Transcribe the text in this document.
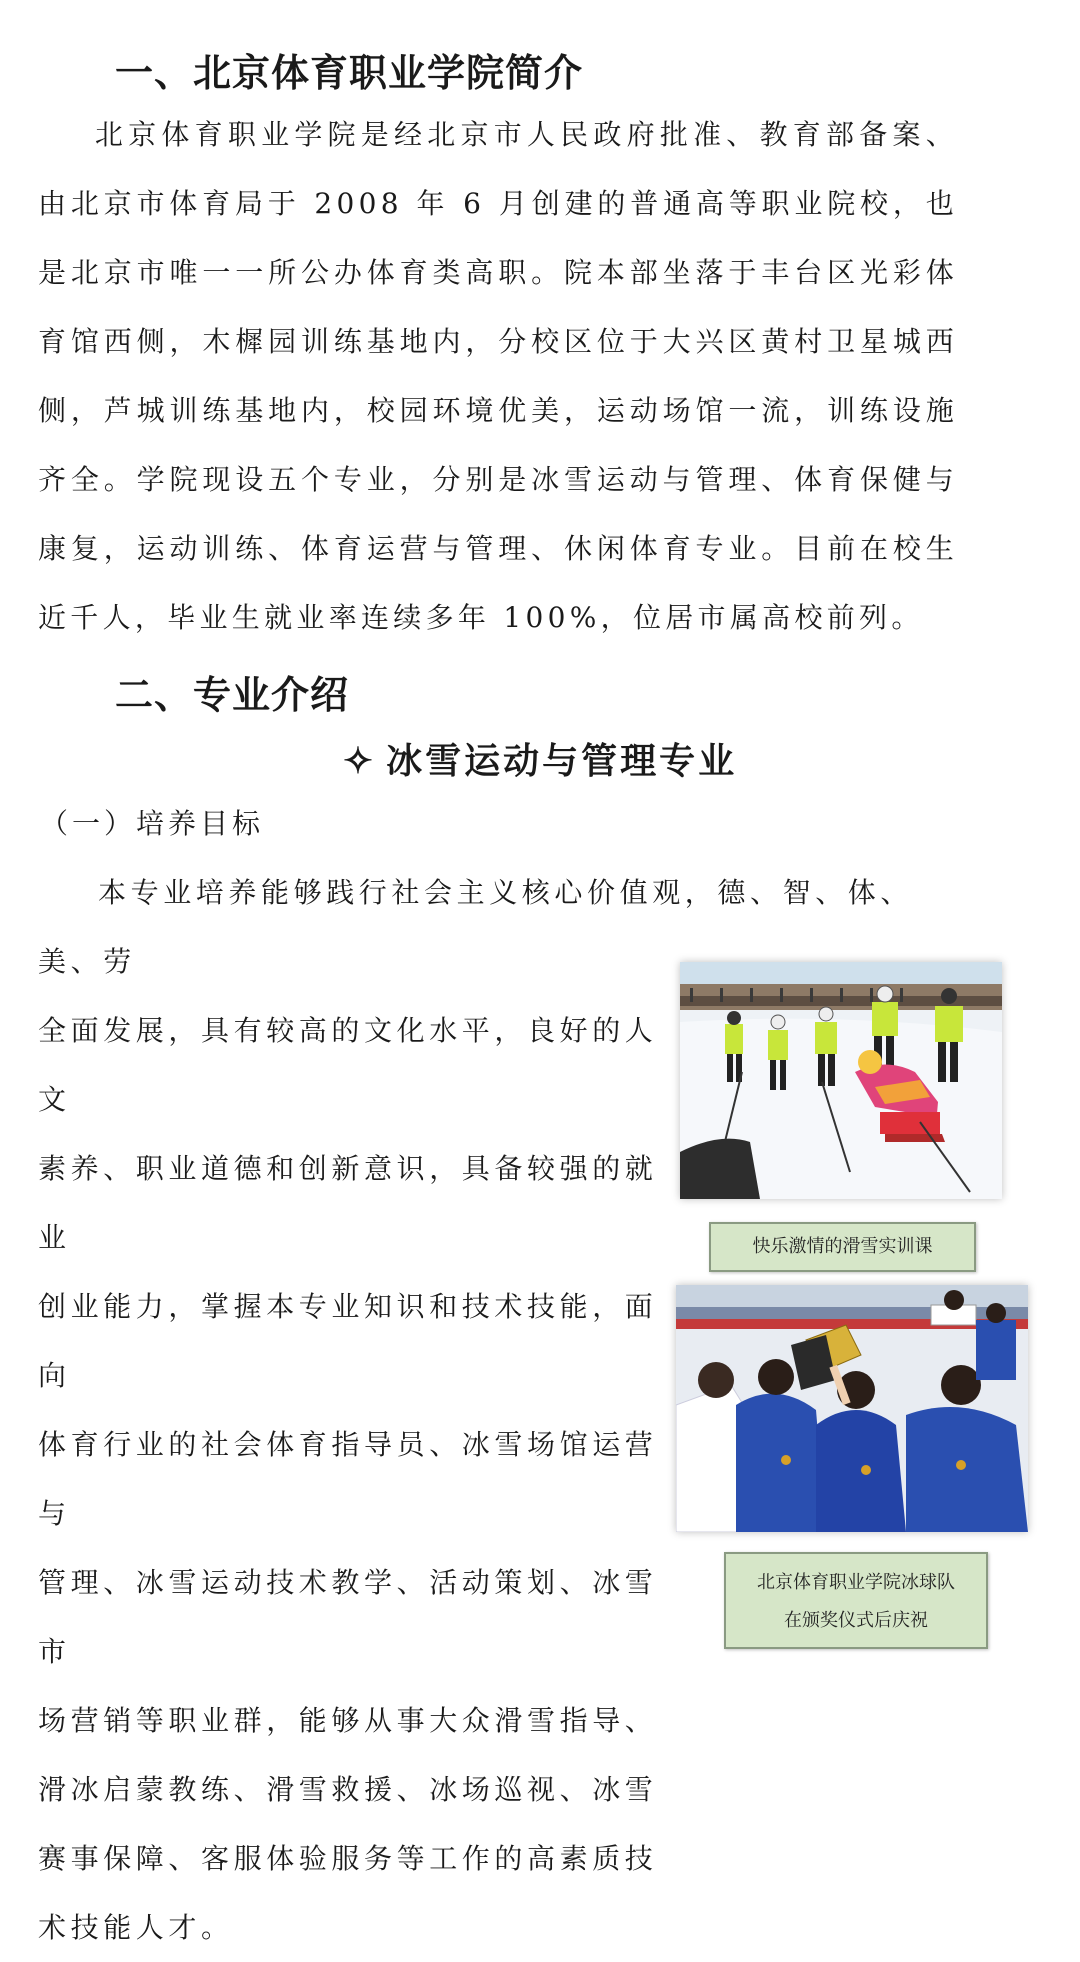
一、北京体育职业学院简介
北京体育职业学院是经北京市人民政府批准、教育部备案、由北京市体育局于 2008 年 6 月创建的普通高等职业院校，也是北京市唯一一所公办体育类高职。院本部坐落于丰台区光彩体育馆西侧，木樨园训练基地内，分校区位于大兴区黄村卫星城西侧，芦城训练基地内，校园环境优美，运动场馆一流，训练设施齐全。学院现设五个专业，分别是冰雪运动与管理、体育保健与康复，运动训练、体育运营与管理、休闲体育专业。目前在校生近千人，毕业生就业率连续多年 100%，位居市属高校前列。
二、专业介绍
✧ 冰雪运动与管理专业
（一）培养目标
本专业培养能够践行社会主义核心价值观，德、智、体、美、劳
全面发展，具有较高的文化水平，良好的人文
素养、职业道德和创新意识，具备较强的就业
创业能力，掌握本专业知识和技术技能，面向
体育行业的社会体育指导员、冰雪场馆运营与
管理、冰雪运动技术教学、活动策划、冰雪市
场营销等职业群，能够从事大众滑雪指导、
滑冰启蒙教练、滑雪救援、冰场巡视、冰雪
赛事保障、客服体验服务等工作的高素质技
术技能人才。
快乐激情的滑雪实训课
北京体育职业学院冰球队
在颁奖仪式后庆祝
